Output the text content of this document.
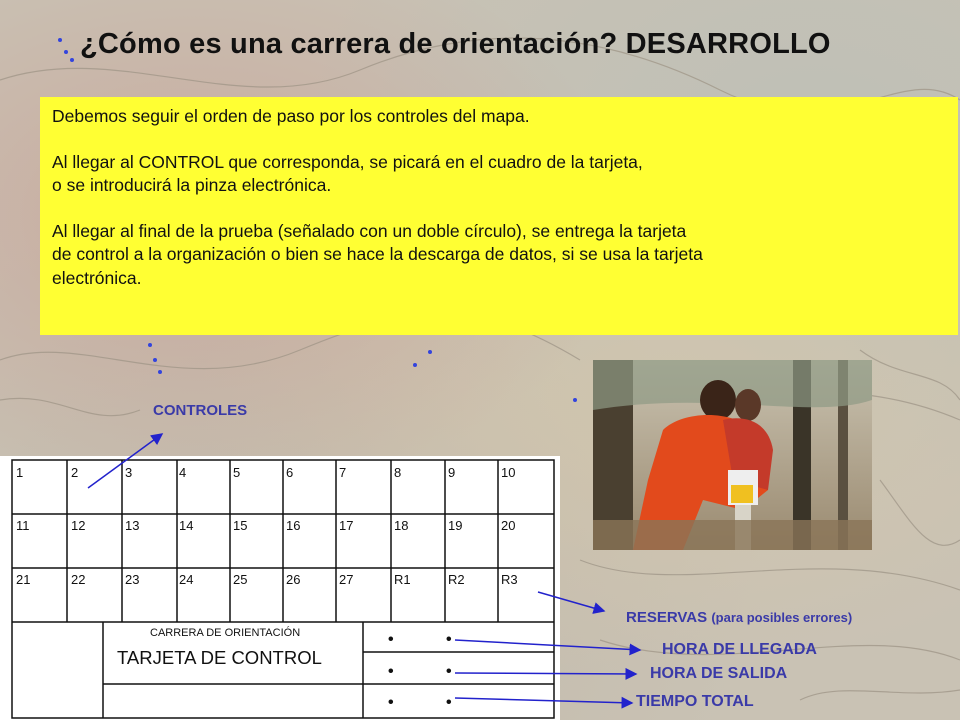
¿Cómo es una carrera de orientación? DESARROLLO

Debemos seguir el orden de paso por los controles del mapa.

Al llegar al CONTROL que corresponda, se picará en el cuadro de la tarjeta,

o se introducirá la pinza electrónica.

Al llegar al final de la prueba (señalado con un doble círculo), se entrega la tarjeta

de control a la organización o bien se hace la descarga de datos, si se usa la tarjeta

electrónica.

CONTROLES
1	2	3	4	5	6	7	8	9	10
11	12	13	14	15	16	17	18	19	20
21	22	23	24	25	26	27	R1	R2	R3
CARRERA DE ORIENTACIÓN
TARJETA DE CONTROL
• •
• •
• •
RESERVAS (para posibles errores)
HORA DE LLEGADA
HORA DE SALIDA
TIEMPO TOTAL
